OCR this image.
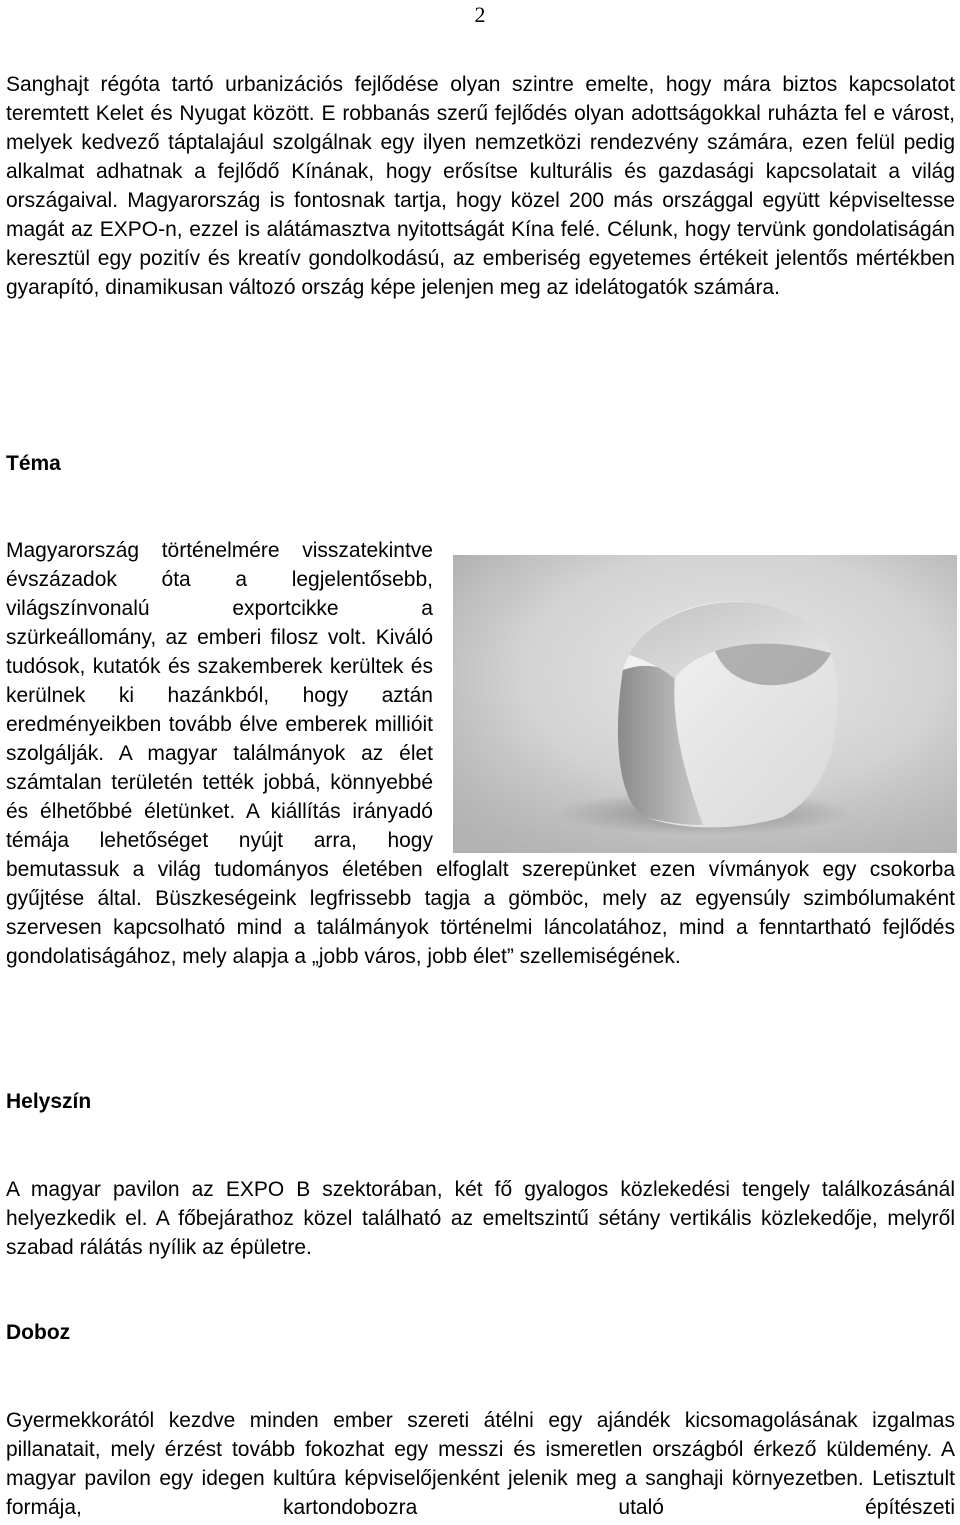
2

Sanghajt régóta tartó urbanizációs fejlődése olyan szintre emelte, hogy mára biztos kapcsolatot teremtett Kelet és Nyugat között. E robbanás szerű fejlődés olyan adottságokkal ruházta fel e várost, melyek kedvező táptalajául szolgálnak egy ilyen nemzetközi rendezvény számára, ezen felül pedig alkalmat adhatnak a fejlődő Kínának, hogy erősítse kulturális és gazdasági kapcsolatait a világ országaival. Magyarország is fontosnak tartja, hogy közel 200 más országgal együtt képviseltesse magát az EXPO-n, ezzel is alátámasztva nyitottságát Kína felé. Célunk, hogy tervünk gondolatiságán keresztül egy pozitív és kreatív gondolkodású, az emberiség egyetemes értékeit jelentős mértékben gyarapító, dinamikusan változó ország képe jelenjen meg az idelátogatók számára.

Téma
Magyarország történelmére visszatekintve évszázadok óta a legjelentősebb, világszínvonalú exportcikke a szürkeállomány, az emberi filosz volt. Kiváló tudósok, kutatók és szakemberek kerültek és kerülnek ki hazánkból, hogy aztán eredményeikben tovább élve emberek millióit szolgálják. A magyar találmányok az élet számtalan területén tették jobbá, könnyebbé és élhetőbbé életünket. A kiállítás irányadó témája lehetőséget nyújt arra, hogy bemutassuk a világ tudományos életében elfoglalt szerepünket ezen vívmányok egy csokorba gyűjtése által. Büszkeségeink legfrissebb tagja a gömböc, mely az egyensúly szimbólumaként szervesen kapcsolható mind a találmányok történelmi láncolatához, mind a fenntartható fejlődés gondolatiságához, mely alapja a „jobb város, jobb élet” szellemiségének.
Helyszín

A magyar pavilon az EXPO B szektorában, két fő gyalogos közlekedési tengely találkozásánál helyezkedik el. A főbejárathoz közel található az emeltszintű sétány vertikális közlekedője, melyről szabad rálátás nyílik az épületre.

Doboz

Gyermekkorától kezdve minden ember szereti átélni egy ajándék kicsomagolásának izgalmas pillanatait, mely érzést tovább fokozhat egy messzi és ismeretlen országból érkező küldemény. A magyar pavilon egy idegen kultúra képviselőjenként jelenik meg a sanghaji környezetben. Letisztult formája, kartondobozra utaló építészeti
